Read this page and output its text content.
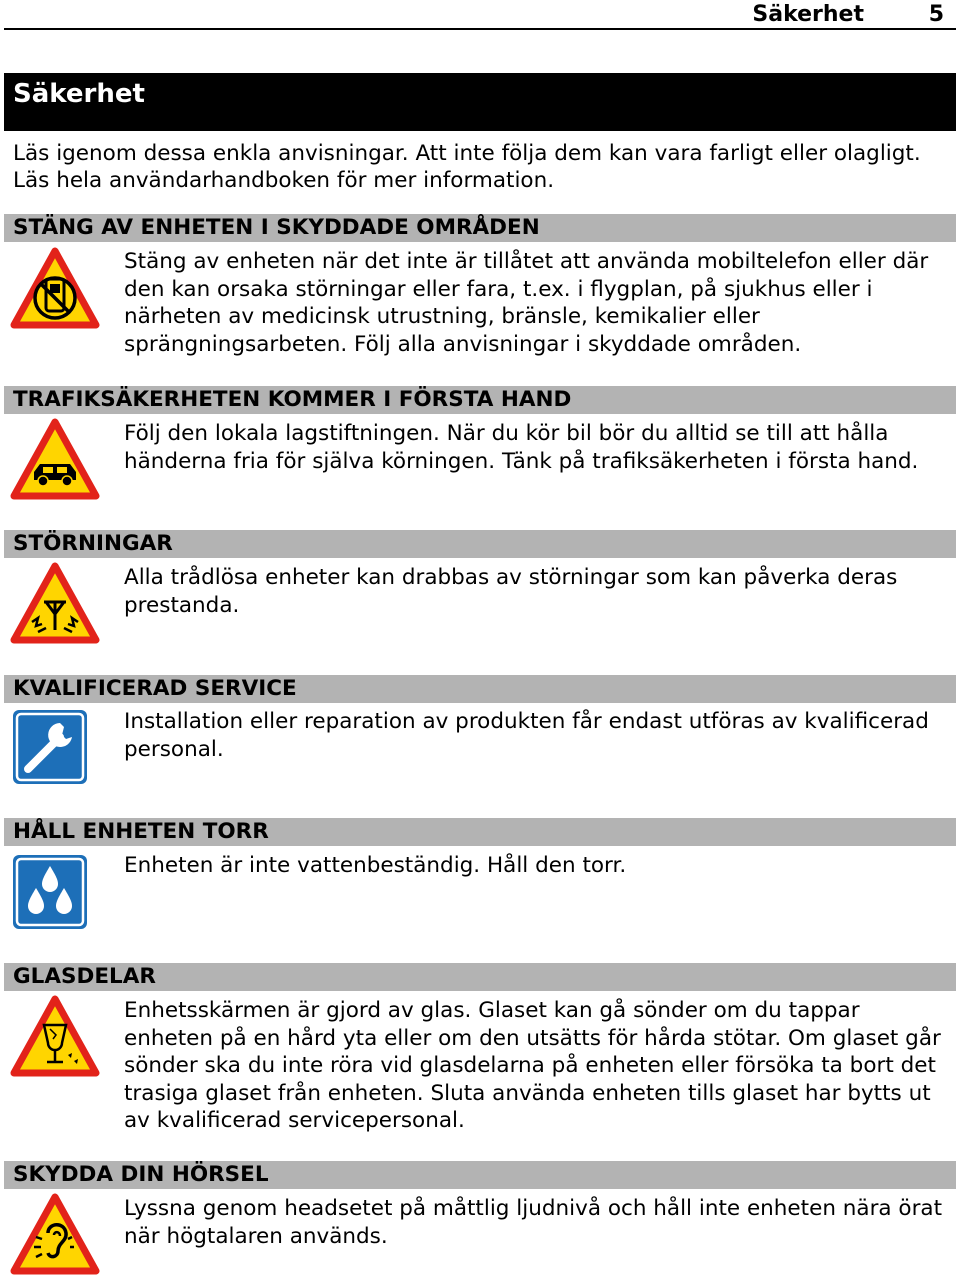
Säkerhet	5
Säkerhet

Läs igenom dessa enkla anvisningar. Att inte följa dem kan vara farligt eller olagligt.

Läs hela användarhandboken för mer information.

STÄNG AV ENHETEN I SKYDDADE OMRÅDEN

Stäng av enheten när det inte är tillåtet att använda mobiltelefon eller där den kan orsaka störningar eller fara, t.ex. i flygplan, på sjukhus eller i närheten av medicinsk utrustning, bränsle, kemikalier eller sprängningsarbeten. Följ alla anvisningar i skyddade områden.

TRAFIKSÄKERHETEN KOMMER I FÖRSTA HAND

Följ den lokala lagstiftningen. När du kör bil bör du alltid se till att hålla händerna fria för själva körningen. Tänk på trafiksäkerheten i första hand.

STÖRNINGAR

Alla trådlösa enheter kan drabbas av störningar som kan påverka deras prestanda.

KVALIFICERAD SERVICE

Installation eller reparation av produkten får endast utföras av kvalificerad personal.

HÅLL ENHETEN TORR

Enheten är inte vattenbeständig. Håll den torr.

GLASDELAR

Enhetsskärmen är gjord av glas. Glaset kan gå sönder om du tappar enheten på en hård yta eller om den utsätts för hårda stötar. Om glaset går sönder ska du inte röra vid glasdelarna på enheten eller försöka ta bort det trasiga glaset från enheten. Sluta använda enheten tills glaset har bytts ut av kvalificerad servicepersonal.

SKYDDA DIN HÖRSEL

Lyssna genom headsetet på måttlig ljudnivå och håll inte enheten nära örat när högtalaren används.
